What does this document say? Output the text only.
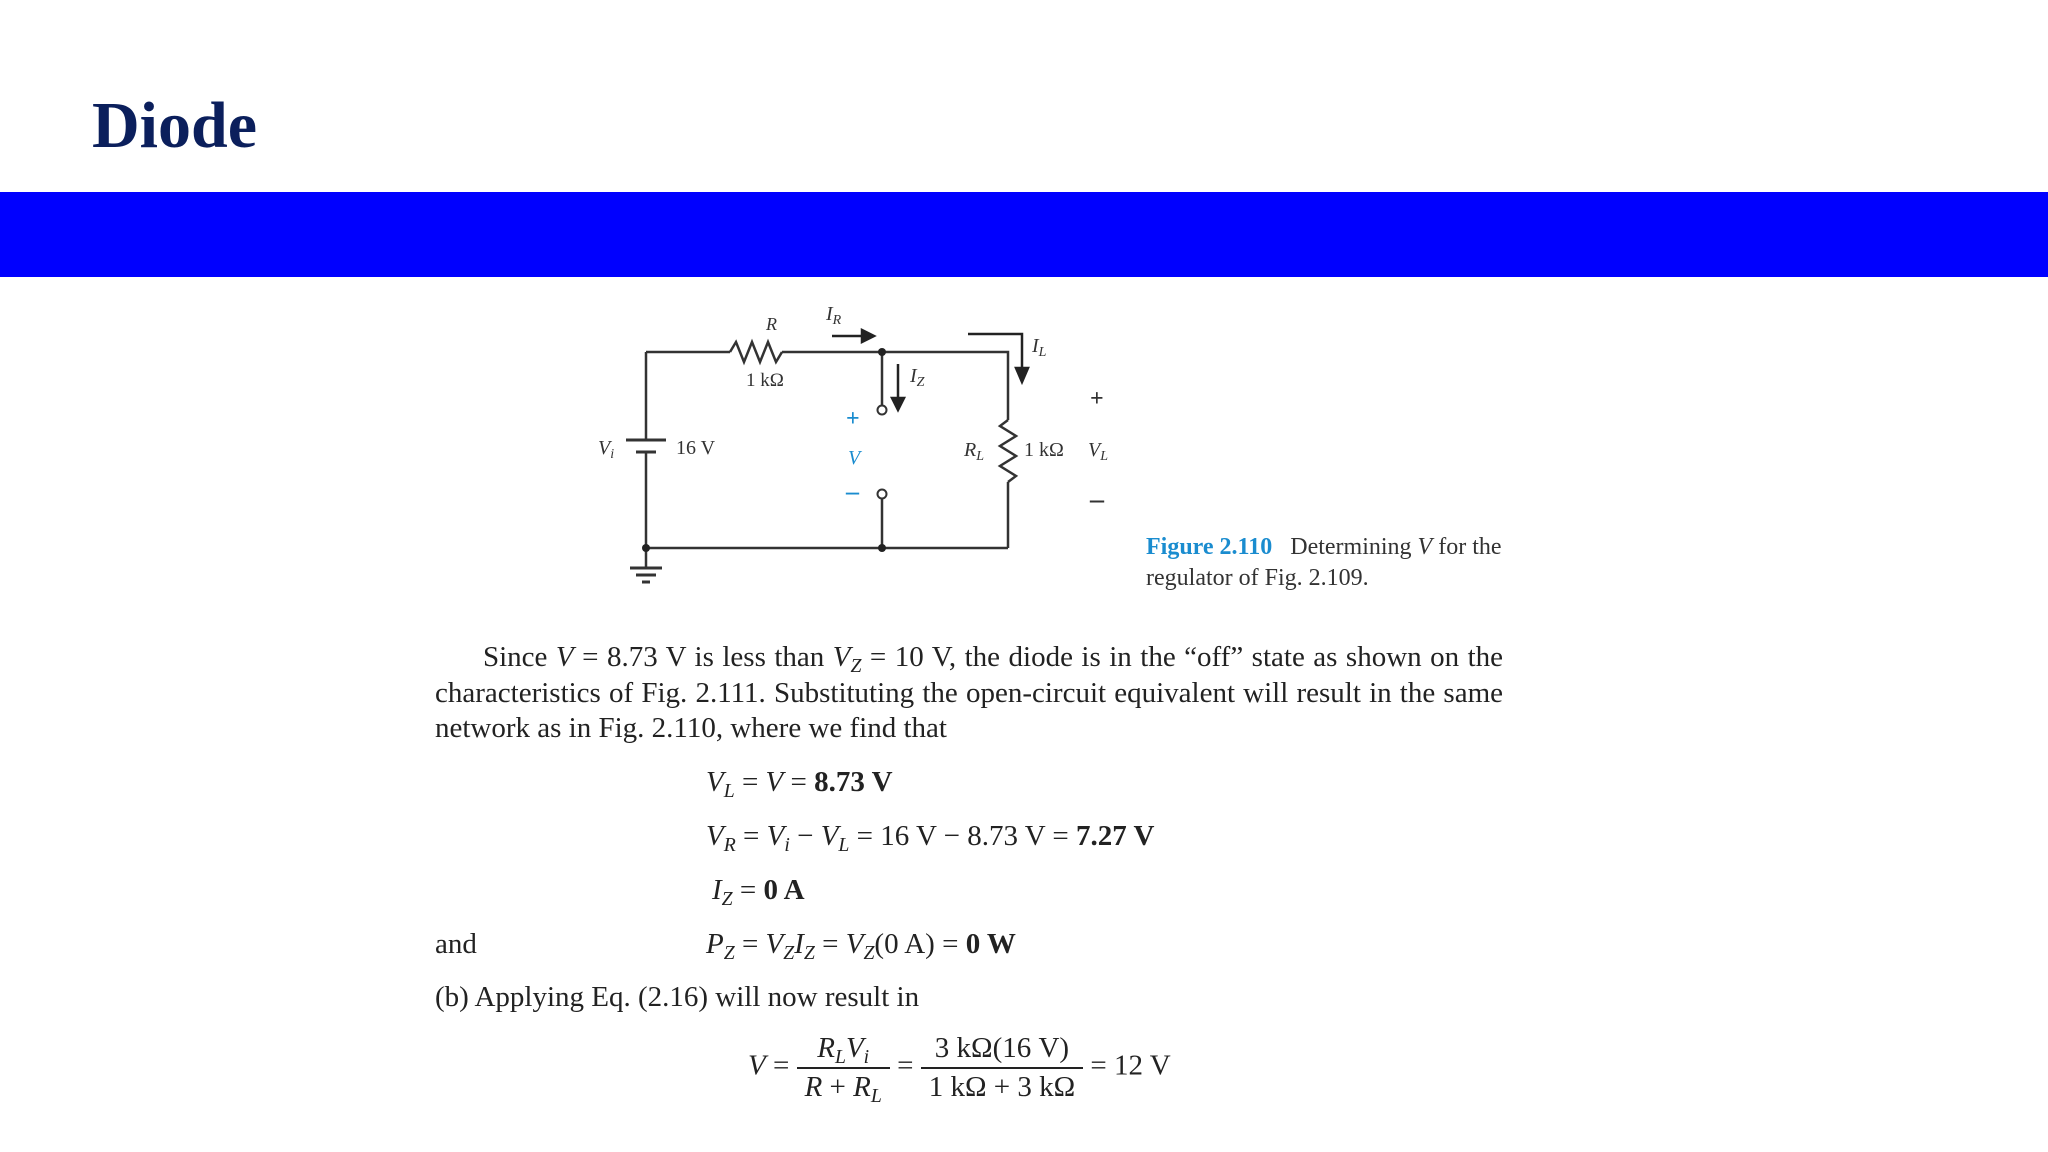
Diode
R
1 kΩ
$I_R$
$I_Z$
$I_L$
$V_i$	16 V
+
V
–
$R_L$ 1 kΩ
+
$V_L$
–
Figure 2.110 Determining V for the regulator of Fig. 2.109.
Since V = 8.73 V is less than $V_Z = 10$ V, the diode is in the “off” state as shown on the characteristics of Fig. 2.111. Substituting the open-circuit equivalent will result in the same network as in Fig. 2.110, where we find that
$V_L = V = 8.73$ V
$V_R = V_i - V_L = 16$ V − 8.73 V = 7.27 V
$I_Z = 0$ A
and	$P_Z = V_ZI_Z = V_Z(0$ A) = 0 W
(b) Applying Eq. (2.16) will now result in
$V = \frac{R_LV_i}{R + R_L} = \frac{3 k\Omega(16 V)}{1 k\Omega + 3 k\Omega} = 12$ V
